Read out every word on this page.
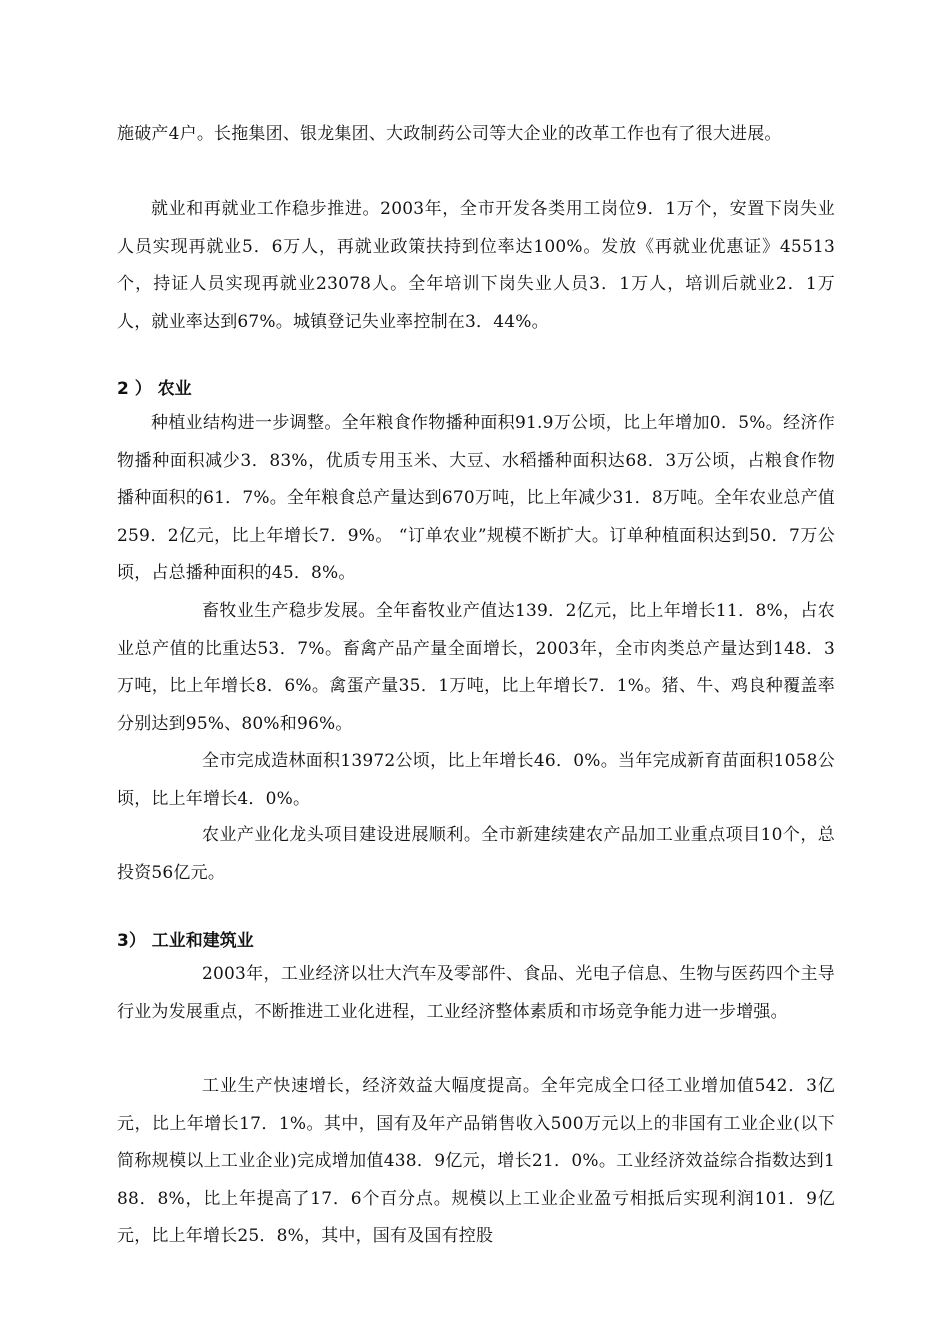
施破产4户。长拖集团、银龙集团、大政制药公司等大企业的改革工作也有了很大进展。

就业和再就业工作稳步推进。2003年，全市开发各类用工岗位9．1万个，安置下岗失业人员实现再就业5．6万人，再就业政策扶持到位率达100%。发放《再就业优惠证》45513个，持证人员实现再就业23078人。全年培训下岗失业人员3．1万人，培训后就业2．1万人，就业率达到67%。城镇登记失业率控制在3．44%。

2 ） 农业

种植业结构进一步调整。全年粮食作物播种面积91.9万公顷，比上年增加0．5%。经济作物播种面积减少3．83%，优质专用玉米、大豆、水稻播种面积达68．3万公顷，占粮食作物播种面积的61．7%。全年粮食总产量达到670万吨，比上年减少31．8万吨。全年农业总产值259．2亿元，比上年增长7．9%。 “订单农业”规模不断扩大。订单种植面积达到50．7万公顷，占总播种面积的45．8%。

畜牧业生产稳步发展。全年畜牧业产值达139．2亿元，比上年增长11．8%，占农业总产值的比重达53．7%。畜禽产品产量全面增长，2003年，全市肉类总产量达到148．3万吨，比上年增长8．6%。禽蛋产量35．1万吨，比上年增长7．1%。猪、牛、鸡良种覆盖率分别达到95%、80%和96%。

全市完成造林面积13972公顷，比上年增长46．0%。当年完成新育苗面积1058公顷，比上年增长4．0%。

农业产业化龙头项目建设进展顺利。全市新建续建农产品加工业重点项目10个，总投资56亿元。

3） 工业和建筑业

2003年，工业经济以壮大汽车及零部件、食品、光电子信息、生物与医药四个主导行业为发展重点，不断推进工业化进程，工业经济整体素质和市场竞争能力进一步增强。

工业生产快速增长，经济效益大幅度提高。全年完成全口径工业增加值542．3亿元，比上年增长17．1%。其中，国有及年产品销售收入500万元以上的非国有工业企业(以下简称规模以上工业企业)完成增加值438．9亿元，增长21．0%。工业经济效益综合指数达到188．8%，比上年提高了17．6个百分点。规模以上工业企业盈亏相抵后实现利润101．9亿元，比上年增长25．8%，其中，国有及国有控股
